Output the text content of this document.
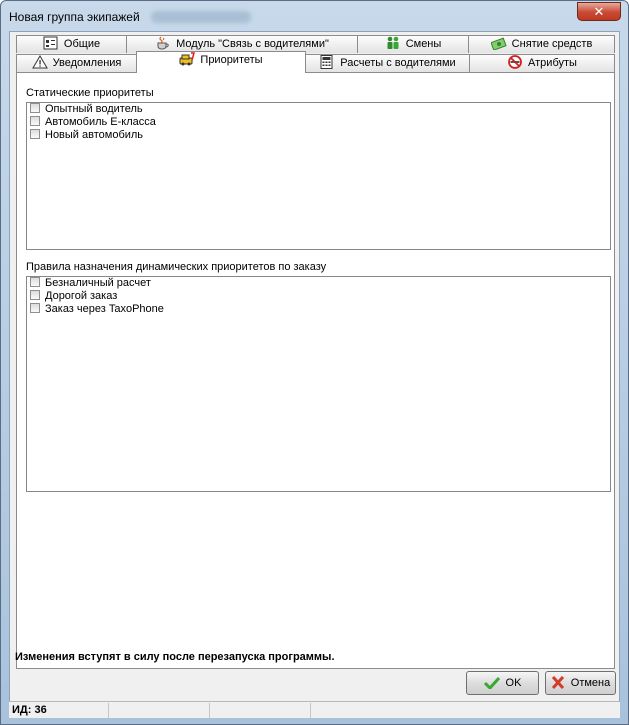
Новая группа экипажей	✕
Общие	Модуль "Связь с водителями"	Смены	Снятие средств
Уведомления	Приоритеты	Расчеты с водителями	Атрибуты
Статические приоритеты
Опытный водитель
Автомобиль E-класса
Новый автомобиль
Правила назначения динамических приоритетов по заказу
Безналичный расчет
Дорогой заказ
Заказ через TaxoPhone
Изменения вступят в силу после перезапуска программы.
OK	Отмена
ИД: 36
